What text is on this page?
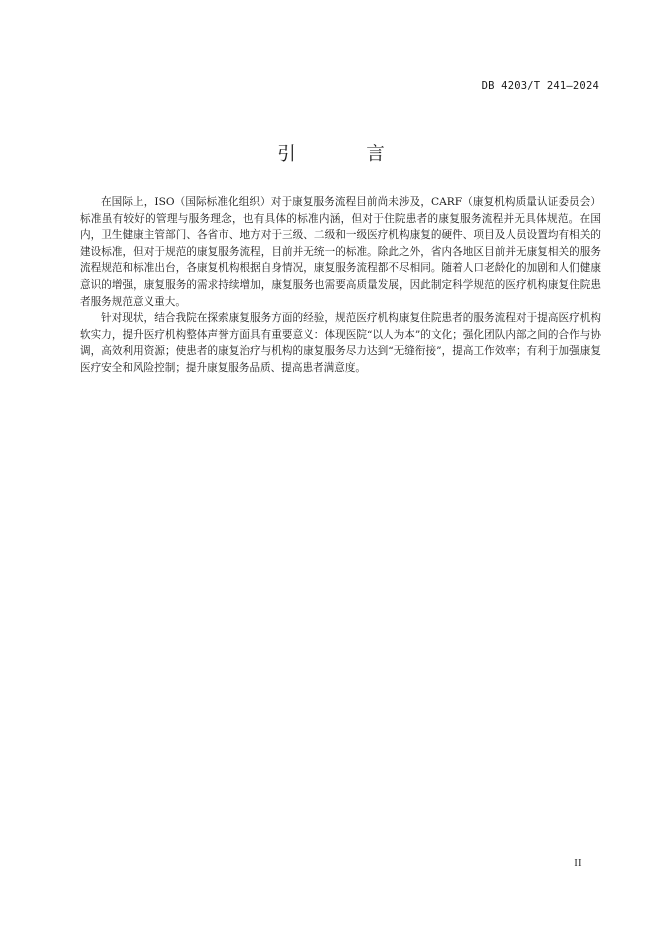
DB 4203/T 241—2024
引　言

在国际上，ISO（国际标准化组织）对于康复服务流程目前尚未涉及，CARF（康复机构质量认证委员会）标准虽有较好的管理与服务理念，也有具体的标准内涵，但对于住院患者的康复服务流程并无具体规范。在国内，卫生健康主管部门、各省市、地方对于三级、二级和一级医疗机构康复的硬件、项目及人员设置均有相关的建设标准，但对于规范的康复服务流程，目前并无统一的标准。除此之外，省内各地区目前并无康复相关的服务流程规范和标准出台，各康复机构根据自身情况，康复服务流程都不尽相同。随着人口老龄化的加剧和人们健康意识的增强，康复服务的需求持续增加，康复服务也需要高质量发展，因此制定科学规范的医疗机构康复住院患者服务规范意义重大。

针对现状，结合我院在探索康复服务方面的经验，规范医疗机构康复住院患者的服务流程对于提高医疗机构软实力，提升医疗机构整体声誉方面具有重要意义：体现医院“以人为本”的文化；强化团队内部之间的合作与协调，高效利用资源；使患者的康复治疗与机构的康复服务尽力达到“无缝衔接”，提高工作效率；有利于加强康复医疗安全和风险控制；提升康复服务品质、提高患者满意度。

II
